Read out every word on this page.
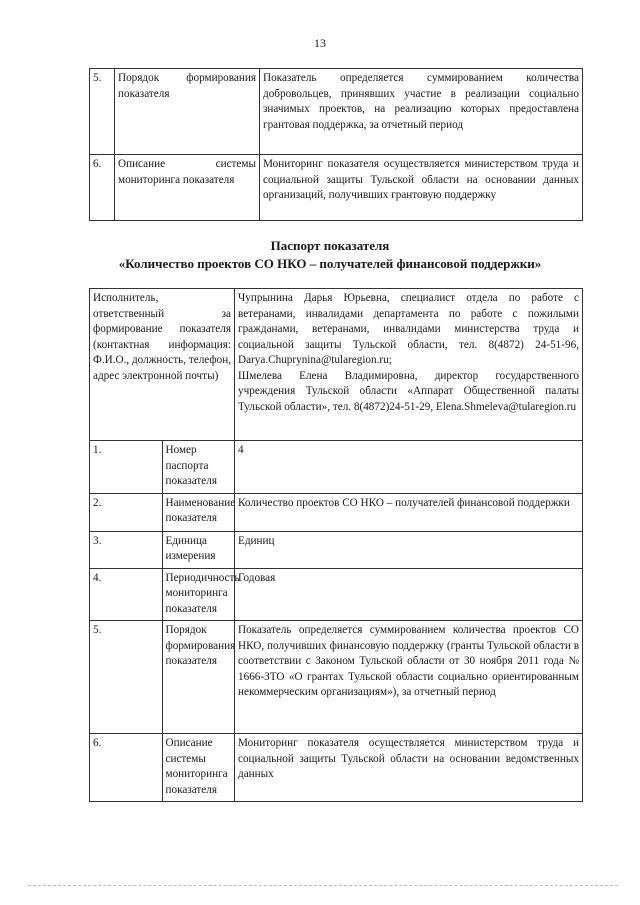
13
5.	Порядок формирования показателя	Показатель определяется суммированием количества добровольцев, принявших участие в реализации социально значимых проектов, на реализацию которых предоставлена грантовая поддержка, за отчетный период
6.	Описание системы мониторинга показателя	Мониторинг показателя осуществляется министерством труда и социальной защиты Тульской области на основании данных организаций, получивших грантовую поддержку
Паспорт показателя
«Количество проектов СО НКО – получателей финансовой поддержки»
Исполнитель, ответственный за формирование показателя (контактная информация: Ф.И.О., должность, телефон, адрес электронной почты)		Чупрынина Дарья Юрьевна, специалист отдела по работе с ветеранами, инвалидами департамента по работе с пожилыми гражданами, ветеранами, инвалидами министерства труда и социальной защиты Тульской области, тел. 8(4872) 24-51-96, Darya.Chuprynina@tularegion.ru;
Шмелева Елена Владимировна, директор государственного учреждения Тульской области «Аппарат Общественной палаты Тульской области», тел. 8(4872)24-51-29, Elena.Shmeleva@tularegion.ru

1.	Номер паспорта показателя	4
2.	Наименование показателя	Количество проектов СО НКО – получателей финансовой поддержки
3.	Единица измерения	Единиц
4.	Периодичность мониторинга показателя	Годовая
5.	Порядок формирования показателя	Показатель определяется суммированием количества проектов СО НКО, получивших финансовую поддержку (гранты Тульской области в соответствии с Законом Тульской области от 30 ноября 2011 года № 1666-ЗТО «О грантах Тульской области социально ориентированным некоммерческим организациям»), за отчетный период
6.	Описание системы мониторинга показателя	Мониторинг показателя осуществляется министерством труда и социальной защиты Тульской области на основании ведомственных данных
